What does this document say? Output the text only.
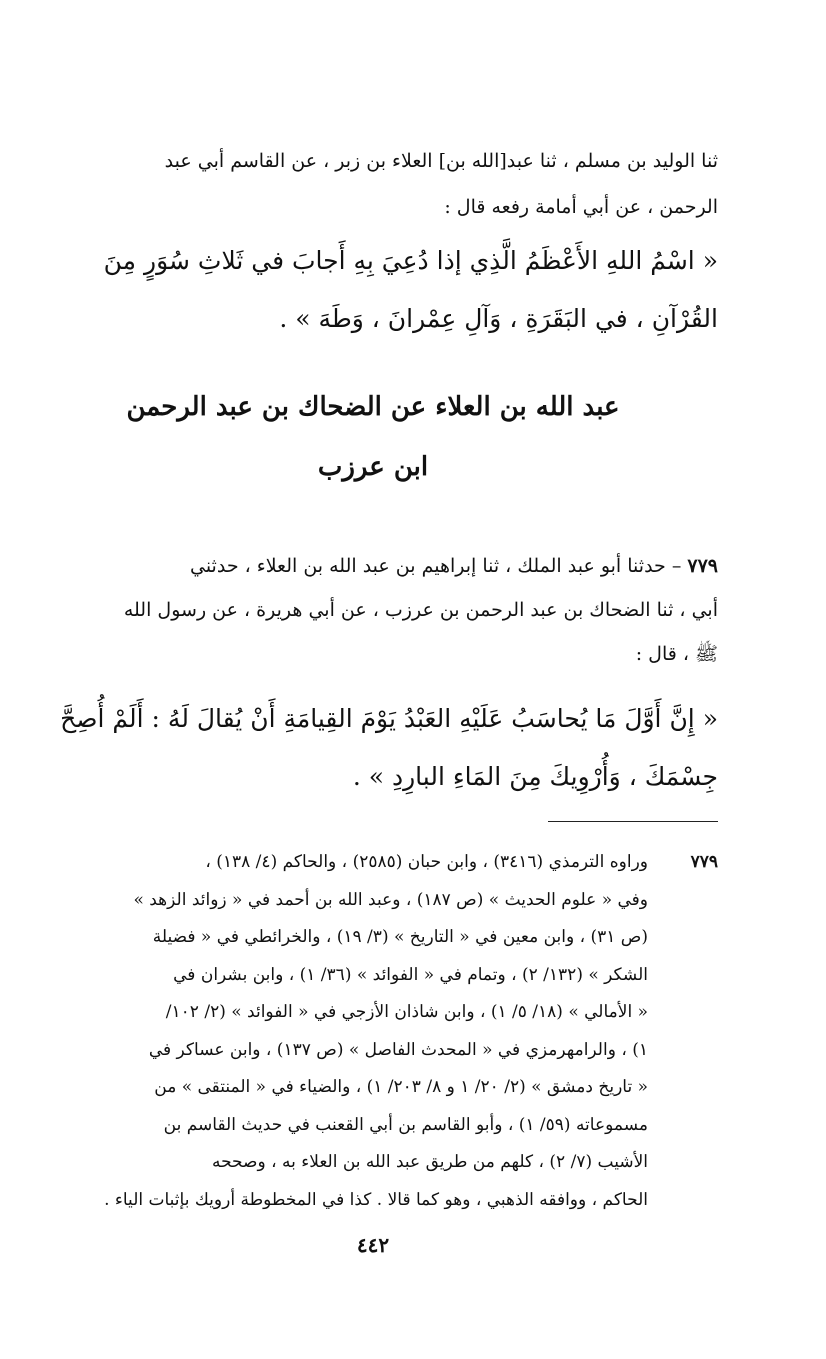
ثنا الوليد بن مسلم ، ثنا عبد[الله بن] العلاء بن زبر ، عن القاسم أبي عبد
الرحمن ، عن أبي أمامة رفعه قال :
« اسْمُ اللهِ الأَعْظَمُ الَّذِي إذا دُعِيَ بِهِ أَجابَ في ثَلاثِ سُوَرٍ مِنَ
القُرْآنِ ، في البَقَرَةِ ، وَآلِ عِمْرانَ ، وَطَهَ » .
عبد الله بن العلاء عن الضحاك بن عبد الرحمن
ابن عرزب
٧٧٩ – حدثنا أبو عبد الملك ، ثنا إبراهيم بن عبد الله بن العلاء ، حدثني
أبي ، ثنا الضحاك بن عبد الرحمن بن عرزب ، عن أبي هريرة ، عن رسول الله
ﷺ ، قال :
« إِنَّ أَوَّلَ مَا يُحاسَبُ عَلَيْهِ العَبْدُ يَوْمَ القِيامَةِ أَنْ يُقالَ لَهُ : أَلَمْ أُصِحَّ
جِسْمَكَ ، وَأُرْوِيكَ مِنَ المَاءِ البارِدِ » .
٧٧٩
وراوه الترمذي (٣٤١٦) ، وابن حبان (٢٥٨٥) ، والحاكم (٤/ ١٣٨) ،
وفي « علوم الحديث » (ص ١٨٧) ، وعبد الله بن أحمد في « زوائد الزهد »
(ص ٣١) ، وابن معين في « التاريخ » (٣/ ١٩) ، والخرائطي في « فضيلة
الشكر » (١٣٢/ ٢) ، وتمام في « الفوائد » (٣٦/ ١) ، وابن بشران في
« الأمالي » (١٨/ ٥/ ١) ، وابن شاذان الأزجي في « الفوائد » (٢/ ١٠٢/
١) ، والرامهرمزي في « المحدث الفاصل » (ص ١٣٧) ، وابن عساكر في
« تاريخ دمشق » (٢/ ٢٠/ ١ و ٨/ ٢٠٣/ ١) ، والضياء في « المنتقى » من
مسموعاته (٥٩/ ١) ، وأبو القاسم بن أبي القعنب في حديث القاسم بن
الأشيب (٧/ ٢) ، كلهم من طريق عبد الله بن العلاء به ، وصححه
الحاكم ، ووافقه الذهبي ، وهو كما قالا . كذا في المخطوطة أرويك بإثبات الياء .
٤٤٢
